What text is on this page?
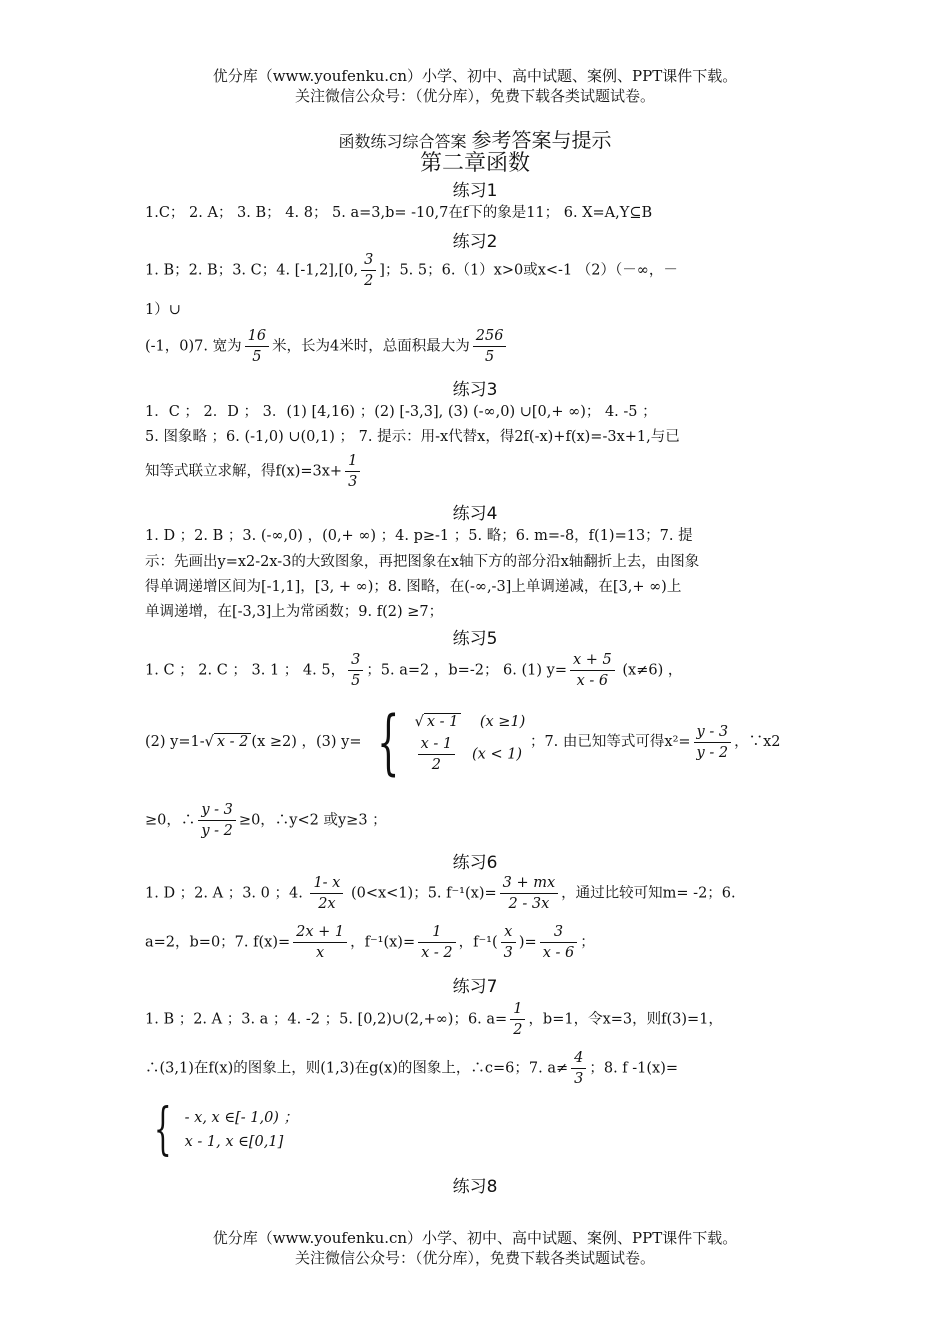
优分库（www.youfenku.cn）小学、初中、高中试题、案例、PPT课件下载。
关注微信公众号：（优分库），免费下载各类试题试卷。
函数练习综合答案 参考答案与提示
第二章函数
练习1
1.C； 2. A； 3. B； 4. 8； 5. a=3,b= -10,7在f下的象是11； 6. X=A,Y⊆B
练习2
1. B；2. B；3. C；4. [-1,2],[0, $\frac{3}{2}$ ]；5. 5；6.（1）x>0或x<-1 （2）（－∞，－
1）∪
(-1，0)7. 宽为 $\frac{16}{5}$ 米，长为4米时，总面积最大为 $\frac{256}{5}$
练习3
1．C ； 2．D ； 3．(1) [4,16) ；(2) [-3,3], (3) (-∞,0) ∪[0,+ ∞)； 4. -5 ；
5. 图象略 ；6. (-1,0) ∪(0,1) ； 7. 提示：用-x代替x，得2f(-x)+f(x)=-3x+1,与已
知等式联立求解，得$f(x)=3x+ \frac{1}{3}$
练习4
1. D ；2. B ；3. (-∞,0) ，(0,+ ∞) ；4. p≥-1 ；5. 略；6. m=-8，f(1)=13；7. 提
示：先画出y=x2-2x-3的大致图象，再把图象在x轴下方的部分沿x轴翻折上去，由图象
得单调递增区间为[-1,1]，[3, + ∞)；8. 图略，在(-∞,-3]上单调递减，在[3,+ ∞)上
单调递增，在[-3,3]上为常函数；9. f(2) ≥7；
练习5
1. C ； 2. C ； 3. 1 ； 4. 5， $\frac{3}{5}$ ；5. a=2 ，b=-2； 6. (1) $y= \frac{x + 5}{x - 6} (x\ne 6)$ ，
(2) y=1-√ x - 2 (x ≥2) ，(3) y= { √ x - 1 (x ≥1)
$\frac{x - 1}{2} (x < 1)$
；7. 由已知等式可得$x^2= \frac{y - 3}{y - 2}$ ，∵x2
≥0，∴ $\frac{y - 3}{y - 2} \ge 0$，∴y<2 或y≥3 ；
练习6
1. D ；2. A ；3. 0 ；4. $\frac{1- x}{2x} (0<x<1)$；5. $f^{-1}(x)= \frac{3 + mx}{2 - 3x}$ ，通过比较可知m= -2；6.
a=2，b=0；7. $f(x)= \frac{2x + 1}{x}$ ，$f^{-1}(x)= \frac{1}{x - 2}$ ，$f^{-1}( \frac{x}{3}$ )= $\frac{3}{x - 6}$ ；
练习7
1. B ；2. A ；3. a ；4. -2 ；5. [0,2)∪(2,+∞)；6. $a= \frac{1}{2}$ ，b=1，令x=3，则f(3)=1，
∴(3,1)在f(x)的图象上，则(1,3)在g(x)的图象上，∴c=6；7. $a\ne \frac{4}{3}$ ；8. f -1(x)=
{ - x, x ∈[- 1,0) ；
x - 1, x ∈[0,1]
练习8
优分库（www.youfenku.cn）小学、初中、高中试题、案例、PPT课件下载。
关注微信公众号：（优分库），免费下载各类试题试卷。
